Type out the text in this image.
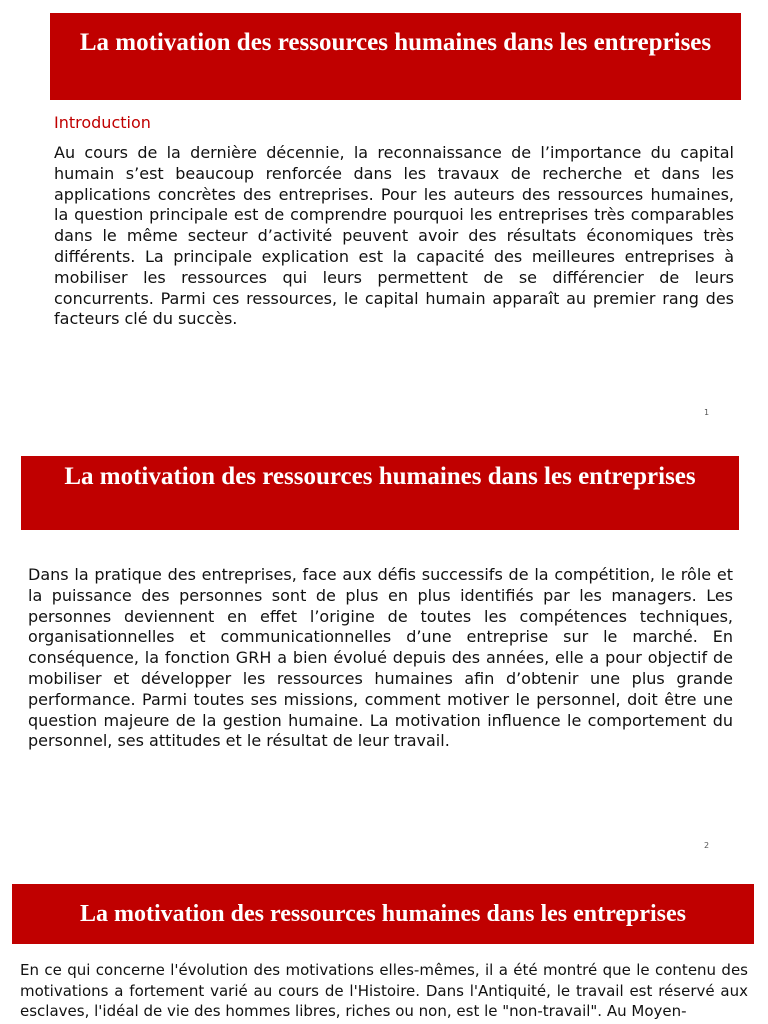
La motivation des ressources humaines dans les entreprises
Introduction

Au cours de la dernière décennie, la reconnaissance de l’importance du capital humain s’est beaucoup renforcée dans les travaux de recherche et dans les applications concrètes des entreprises. Pour les auteurs des ressources humaines, la question principale est de comprendre pourquoi les entreprises très comparables dans le même secteur d’activité peuvent avoir des résultats économiques très différents. La principale explication est la capacité des meilleures entreprises à mobiliser les ressources qui leurs permettent de se différencier de leurs concurrents. Parmi ces ressources, le capital humain apparaît au premier rang des facteurs clé du succès.

1
La motivation des ressources humaines dans les entreprises

Dans la pratique des entreprises, face aux défis successifs de la compétition, le rôle et la puissance des personnes sont de plus en plus identifiés par les managers. Les personnes deviennent en effet l’origine de toutes les compétences techniques, organisationnelles et communicationnelles d’une entreprise sur le marché. En conséquence, la fonction GRH a bien évolué depuis des années, elle a pour objectif de mobiliser et développer les ressources humaines afin d’obtenir une plus grande performance. Parmi toutes ses missions, comment motiver le personnel, doit être une question majeure de la gestion humaine. La motivation influence le comportement du personnel, ses attitudes et le résultat de leur travail.

2
La motivation des ressources humaines dans les entreprises

En ce qui concerne l'évolution des motivations elles-mêmes, il a été montré que le contenu des motivations a fortement varié au cours de l'Histoire. Dans l'Antiquité, le travail est réservé aux esclaves, l'idéal de vie des hommes libres, riches ou non, est le "non-travail". Au Moyen-
